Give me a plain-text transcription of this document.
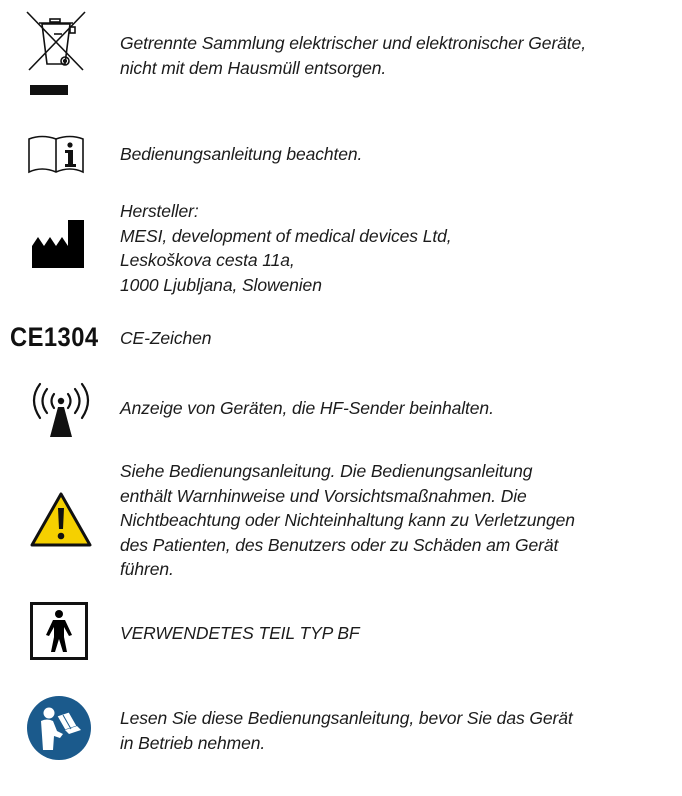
Getrennte Sammlung elektrischer und elektronischer Geräte,
nicht mit dem Hausmüll entsorgen.
Bedienungsanleitung beachten.
Hersteller:
MESI, development of medical devices Ltd,
Leskoškova cesta 11a,
1000 Ljubljana, Slowenien
CE1304 CE-Zeichen
Anzeige von Geräten, die HF-Sender beinhalten.
Siehe Bedienungsanleitung. Die Bedienungsanleitung
enthält Warnhinweise und Vorsichtsmaßnahmen. Die
Nichtbeachtung oder Nichteinhaltung kann zu Verletzungen
des Patienten, des Benutzers oder zu Schäden am Gerät
führen.
VERWENDETES TEIL TYP BF
Lesen Sie diese Bedienungsanleitung, bevor Sie das Gerät
in Betrieb nehmen.
